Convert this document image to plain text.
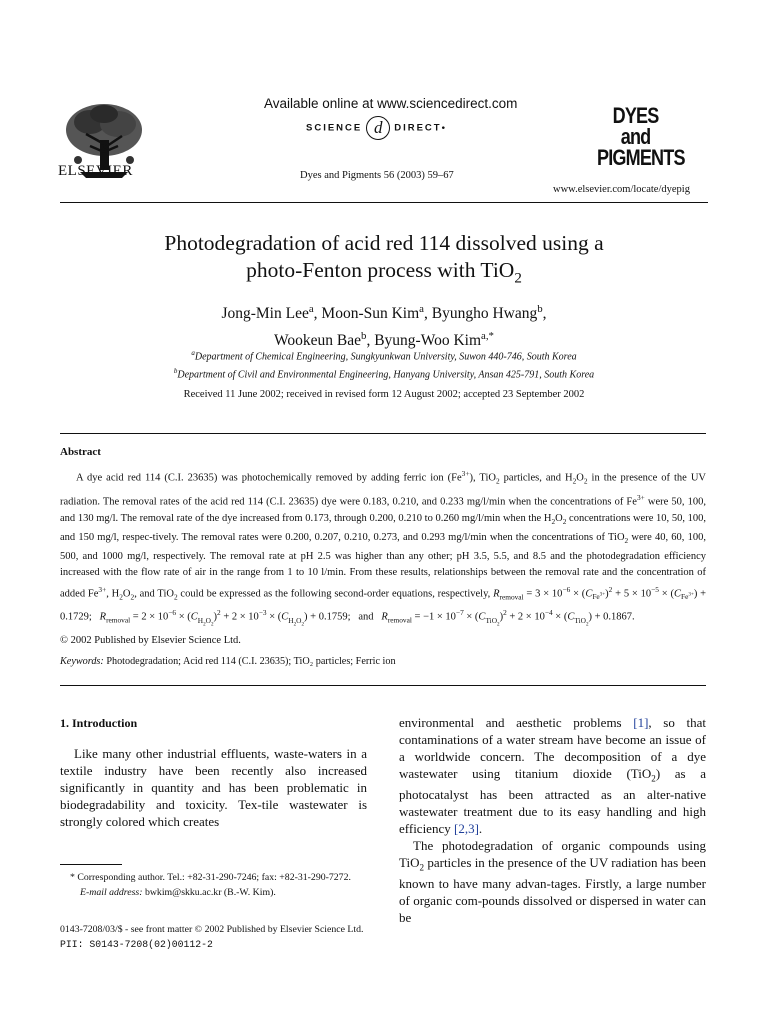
ELSEVIER
Available online at www.sciencedirect.com
SCIENCE d DIRECT•
Dyes and Pigments 56 (2003) 59–67
DYES
and
PIGMENTS
www.elsevier.com/locate/dyepig
Photodegradation of acid red 114 dissolved using a
photo-Fenton process with TiO$_2$
Jong-Min Lee$^a$, Moon-Sun Kim$^a$, Byungho Hwang$^b$,
Wookeun Bae$^b$, Byung-Woo Kim$^{a,*}$
$^a$Department of Chemical Engineering, Sungkyunkwan University, Suwon 440-746, South Korea
$^b$Department of Civil and Environmental Engineering, Hanyang University, Ansan 425-791, South Korea
Received 11 June 2002; received in revised form 12 August 2002; accepted 23 September 2002
Abstract

A dye acid red 114 (C.I. 23635) was photochemically removed by adding ferric ion $(Fe^{3+})$, TiO$_2$ particles, and $H_2O_2$ in the presence of the UV radiation. The removal rates of the acid red 114 (C.I. 23635) dye were 0.183, 0.210, and 0.233 mg/l/min when the concentrations of $Fe^{3+}$ were 50, 100, and 130 mg/l. The removal rate of the dye increased from 0.173, through 0.200, 0.210 to 0.260 mg/l/min when the $H_2O_2$ concentrations were 10, 50, 100, and 150 mg/l, respec-tively. The removal rates were 0.200, 0.207, 0.210, 0.273, and 0.293 mg/l/min when the concentrations of TiO$_2$ were 40, 60, 100, 500, and 1000 mg/l, respectively. The removal rate at pH 2.5 was higher than any other; pH 3.5, 5.5, and 8.5 and the photodegradation efficiency increased with the flow rate of air in the range from 1 to 10 l/min. From these results, relationships between the removal rate and the concentration of added $Fe^{3+}$, $H_2O_2$, and TiO$_2$ could be expressed as the following second-order equations, respectively, $R_{removal} = 3 \times 10^{-6} \times (C_{Fe^{3+}})^2 + 5 \times 10^{-5} \times (C_{Fe^{3+}}) + 0.1729$;   $R_{removal} = 2 \times 10^{-6} \times (C_{H_2O_2})^2 + 2 \times 10^{-3} \times (C_{H_2O_2}) + 0.1759$;   and   $R_{removal} = -1 \times 10^{-7} \times (C_{TiO_2})^2 + 2 \times 10^{-4} \times (C_{TiO_2}) + 0.1867$.

© 2002 Published by Elsevier Science Ltd.

Keywords: Photodegradation; Acid red 114 (C.I. 23635); TiO₂ particles; Ferric ion
1. Introduction

Like many other industrial effluents, waste-waters in a textile industry have been recently also increased significantly in quantity and has been problematic in biodegradability and toxicity. Tex-tile wastewater is strongly colored which creates

environmental and aesthetic problems [1], so that contaminations of a water stream have become an issue of a worldwide concern. The decomposition of a dye wastewater using titanium dioxide (TiO$_2$) as a photocatalyst has been attracted as an alter-native wastewater treatment due to its easy handling and high efficiency [2,3].

The photodegradation of organic compounds using TiO$_2$ particles in the presence of the UV radiation has been known to have many advan-tages. Firstly, a large number of organic com-pounds dissolved or dispersed in water can be

* Corresponding author. Tel.: +82-31-290-7246; fax: +82-31-290-7272.
E-mail address: bwkim@skku.ac.kr (B.-W. Kim).
0143-7208/03/$ - see front matter © 2002 Published by Elsevier Science Ltd.
PII: S0143-7208(02)00112-2
